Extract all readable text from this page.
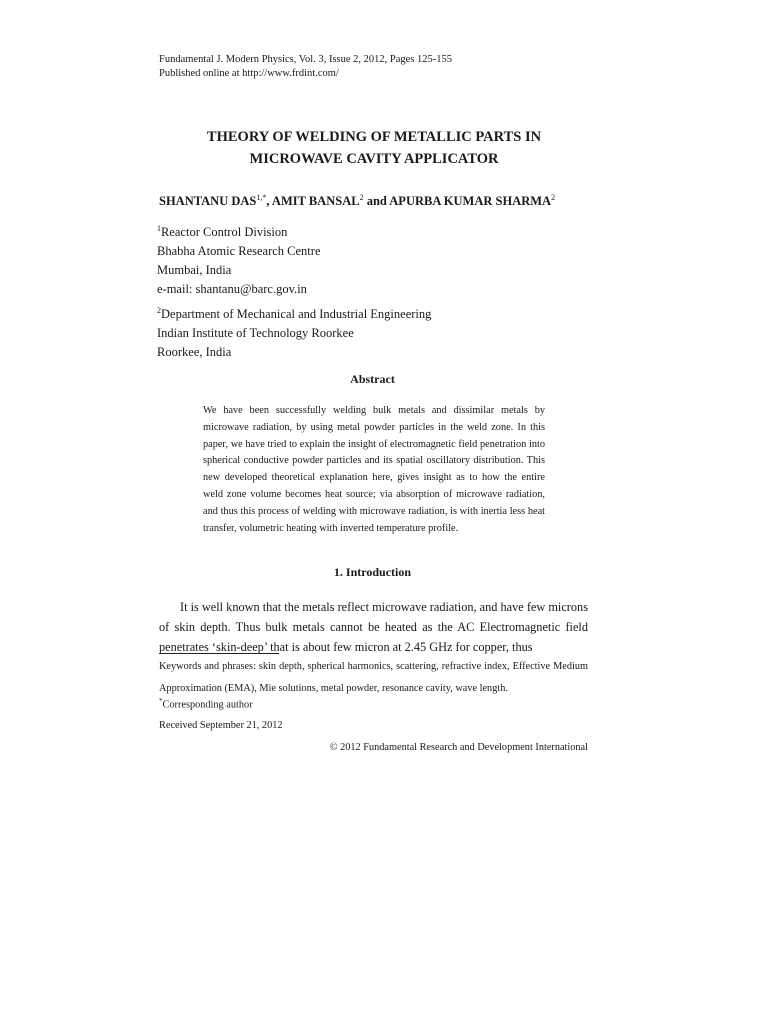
Fundamental J. Modern Physics, Vol. 3, Issue 2, 2012, Pages 125-155
Published online at http://www.frdint.com/
THEORY OF WELDING OF METALLIC PARTS IN
MICROWAVE CAVITY APPLICATOR
SHANTANU $DAS^{1,*}$, AMIT BANSAL$^2$ and APURBA KUMAR SHARMA$^2$
$^1$Reactor Control Division
Bhabha Atomic Research Centre
Mumbai, India
e-mail: shantanu@barc.gov.in
$^2$Department of Mechanical and Industrial Engineering
Indian Institute of Technology Roorkee
Roorkee, India
Abstract
We have been successfully welding bulk metals and dissimilar metals by microwave radiation, by using metal powder particles in the weld zone. In this paper, we have tried to explain the insight of electromagnetic field penetration into spherical conductive powder particles and its spatial oscillatory distribution. This new developed theoretical explanation here, gives insight as to how the entire weld zone volume becomes heat source; via absorption of microwave radiation, and thus this process of welding with microwave radiation, is with inertia less heat transfer, volumetric heating with inverted temperature profile.
1. Introduction
It is well known that the metals reflect microwave radiation, and have few microns of skin depth. Thus bulk metals cannot be heated as the AC Electromagnetic field penetrates ‘skin-deep’ that is about few micron at 2.45 GHz for copper, thus
Keywords and phrases: skin depth, spherical harmonics, scattering, refractive index, Effective Medium Approximation (EMA), Mie solutions, metal powder, resonance cavity, wave length.
*Corresponding author
Received September 21, 2012
© 2012 Fundamental Research and Development International
